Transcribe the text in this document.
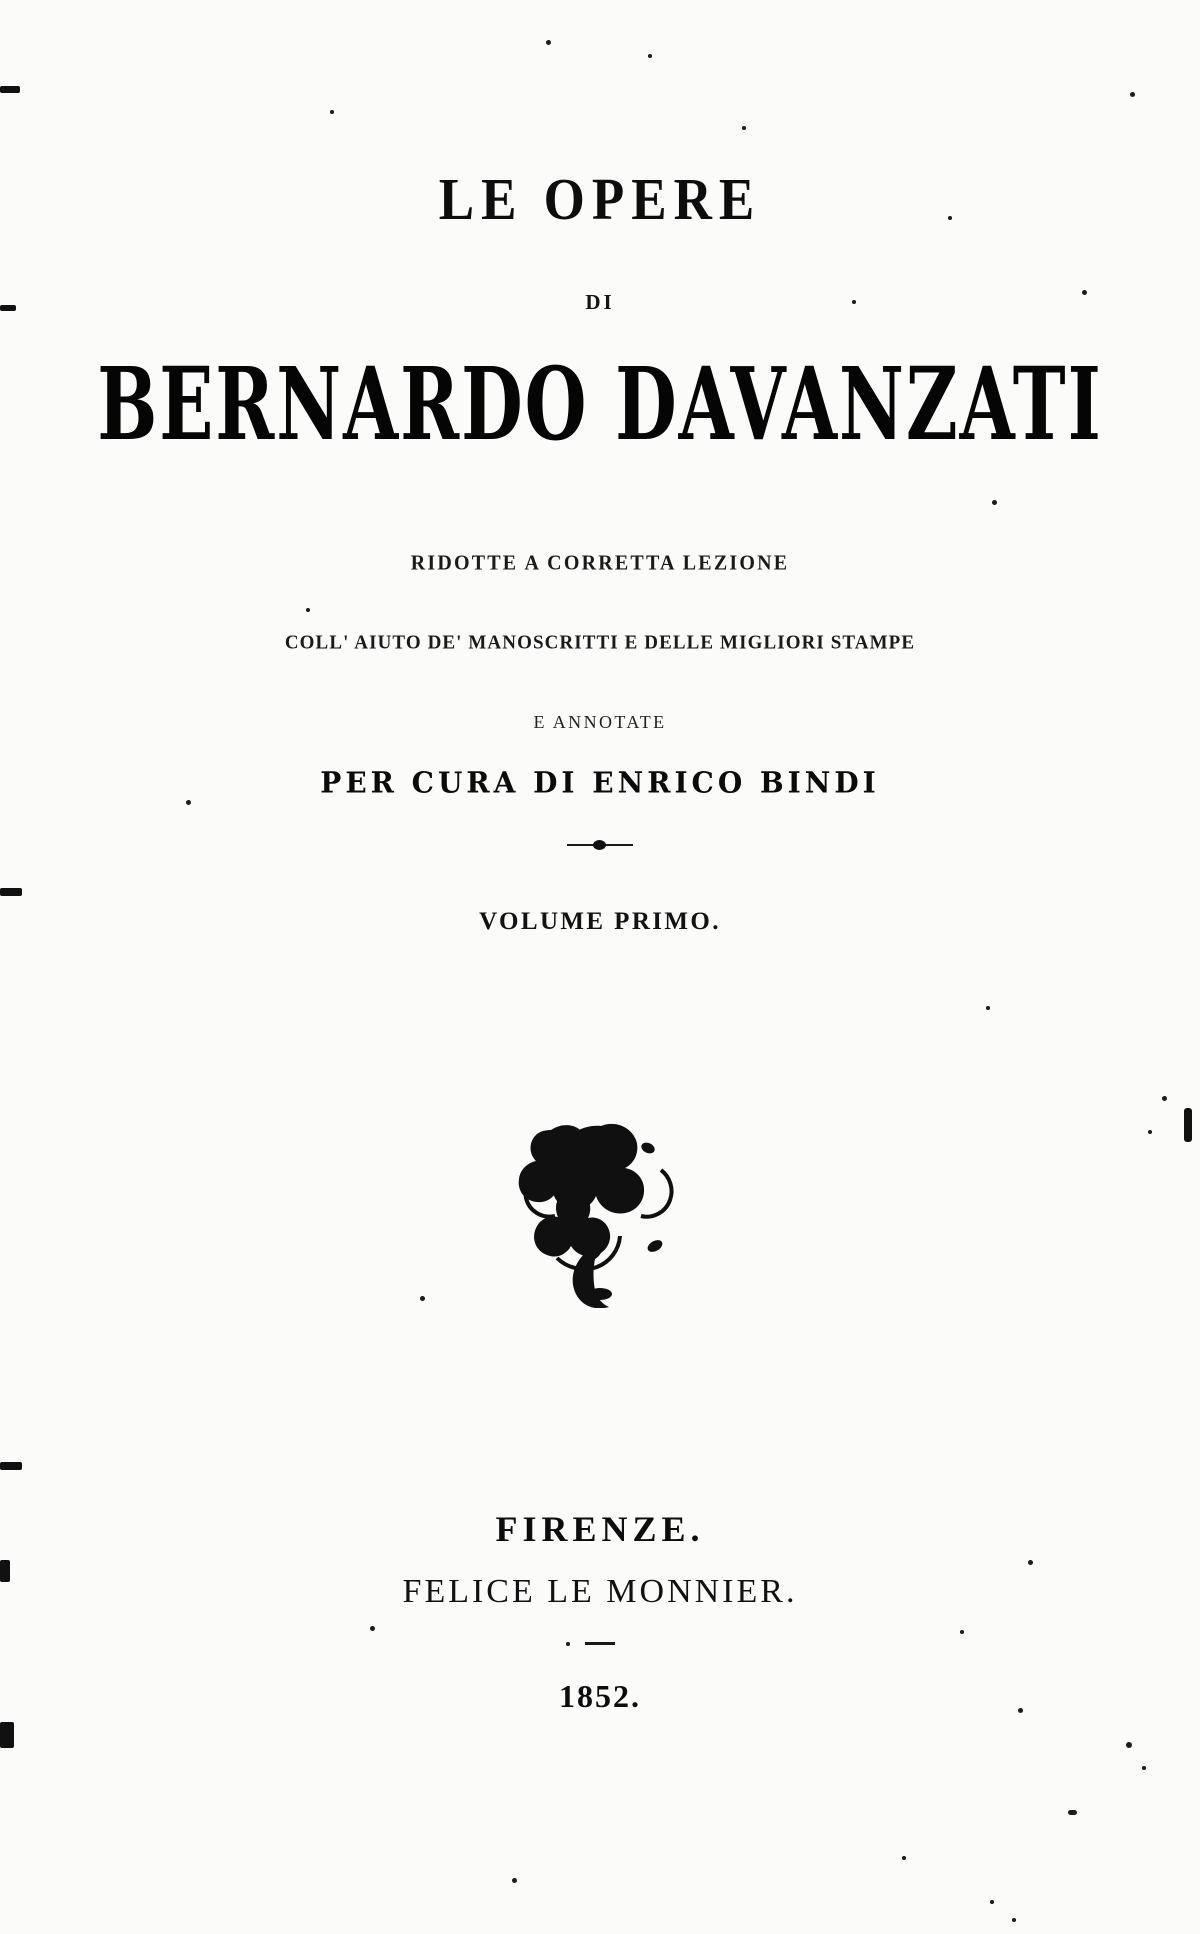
LE OPERE
DI
BERNARDO DAVANZATI
RIDOTTE A CORRETTA LEZIONE
COLL' AIUTO DE' MANOSCRITTI E DELLE MIGLIORI STAMPE
E ANNOTATE
PER CURA DI ENRICO BINDI
VOLUME PRIMO.
FIRENZE.
FELICE LE MONNIER.
1852.
